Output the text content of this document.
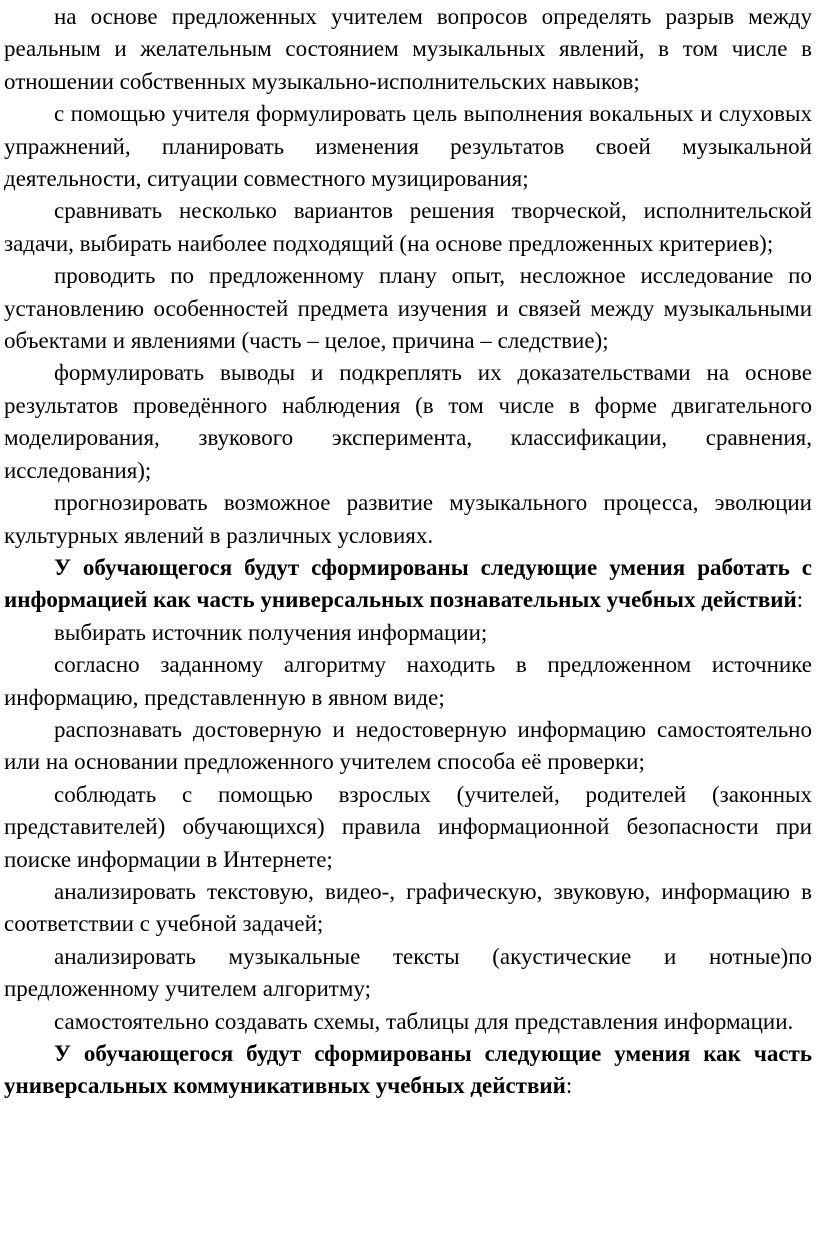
на основе предложенных учителем вопросов определять разрыв между реальным и желательным состоянием музыкальных явлений, в том числе в отношении собственных музыкально-исполнительских навыков;

с помощью учителя формулировать цель выполнения вокальных и слуховых упражнений, планировать изменения результатов своей музыкальной деятельности, ситуации совместного музицирования;

сравнивать несколько вариантов решения творческой, исполнительской задачи, выбирать наиболее подходящий (на основе предложенных критериев);

проводить по предложенному плану опыт, несложное исследование по установлению особенностей предмета изучения и связей между музыкальными объектами и явлениями (часть – целое, причина – следствие);

формулировать выводы и подкреплять их доказательствами на основе результатов проведённого наблюдения (в том числе в форме двигательного моделирования, звукового эксперимента, классификации, сравнения, исследования);

прогнозировать возможное развитие музыкального процесса, эволюции культурных явлений в различных условиях.

У обучающегося будут сформированы следующие умения работать с информацией как часть универсальных познавательных учебных действий:

выбирать источник получения информации;

согласно заданному алгоритму находить в предложенном источнике информацию, представленную в явном виде;

распознавать достоверную и недостоверную информацию самостоятельно или на основании предложенного учителем способа её проверки;

соблюдать с помощью взрослых (учителей, родителей (законных представителей) обучающихся) правила информационной безопасности при поиске информации в Интернете;

анализировать текстовую, видео-, графическую, звуковую, информацию в соответствии с учебной задачей;

анализировать музыкальные тексты (акустические и нотные)по предложенному учителем алгоритму;

самостоятельно создавать схемы, таблицы для представления информации.

У обучающегося будут сформированы следующие умения как часть универсальных коммуникативных учебных действий:
